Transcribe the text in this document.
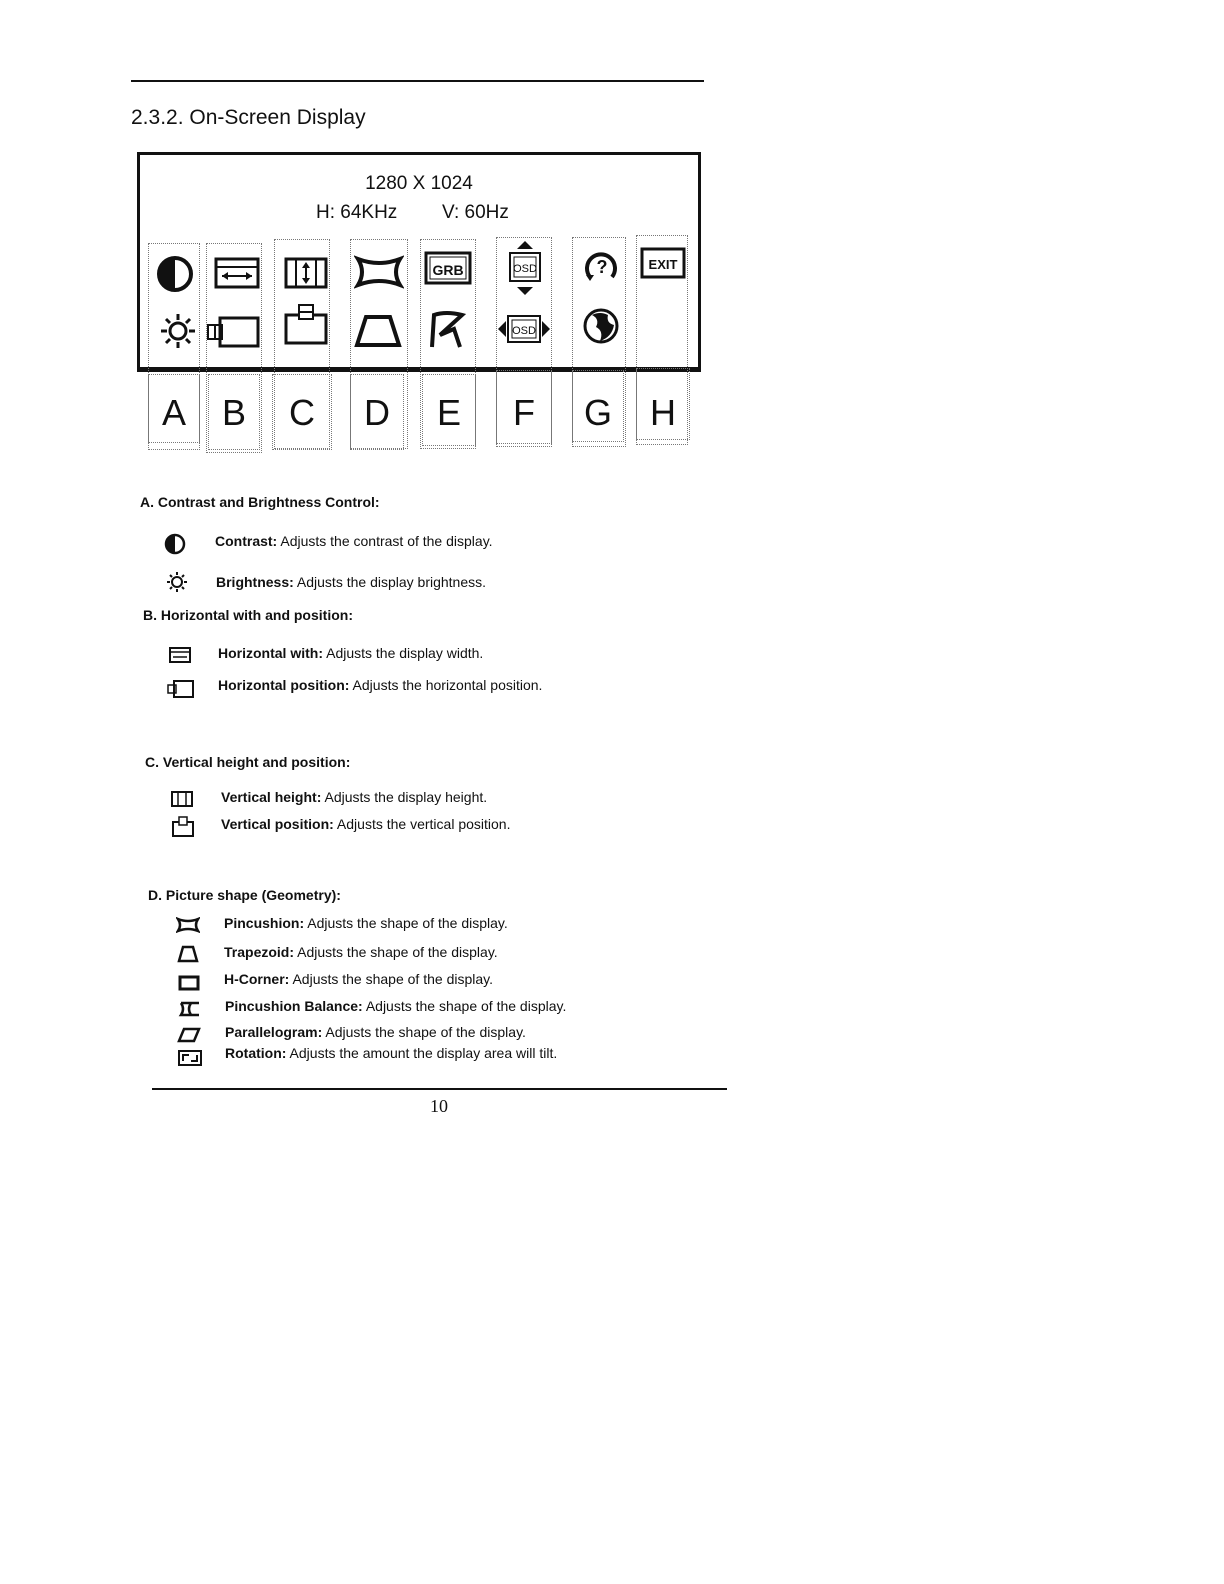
2.3.2. On-Screen Display
1280 X 1024
H: 64KHz V: 60Hz
GRB	OSD	?	EXIT
OSD
A B	C	D	E	F	G	H
A. Contrast and Brightness Control:
Contrast: Adjusts the contrast of the display.
Brightness: Adjusts the display brightness.
B. Horizontal with and position:
Horizontal with: Adjusts the display width.
Horizontal position: Adjusts the horizontal position.
C. Vertical height and position:
Vertical height: Adjusts the display height.
Vertical position: Adjusts the vertical position.
D. Picture shape (Geometry):
Pincushion: Adjusts the shape of the display.
Trapezoid: Adjusts the shape of the display.
H-Corner: Adjusts the shape of the display.
Pincushion Balance: Adjusts the shape of the display.
Parallelogram: Adjusts the shape of the display.
Rotation: Adjusts the amount the display area will tilt.
10
